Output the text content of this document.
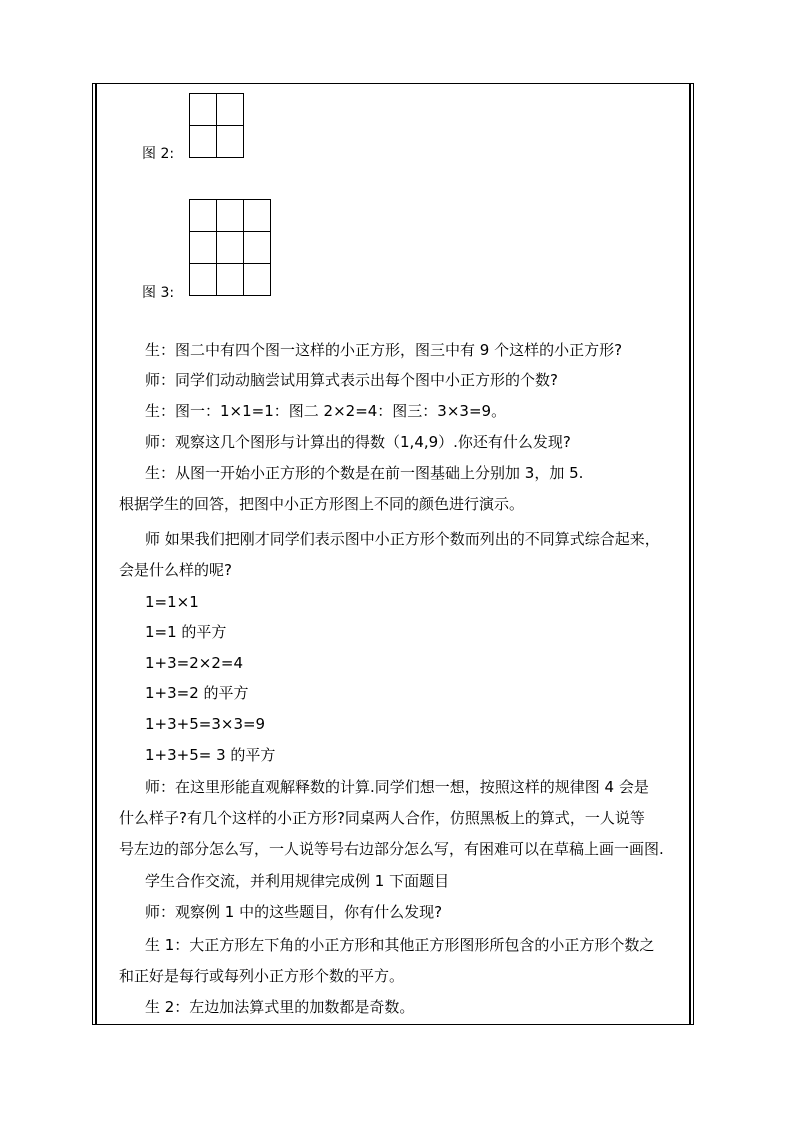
图 2:
图 3:
生：图二中有四个图一这样的小正方形，图三中有 9 个这样的小正方形?
师：同学们动动脑尝试用算式表示出每个图中小正方形的个数?
生：图一：1×1=1：图二 2×2=4：图三：3×3=9。
师：观察这几个图形与计算出的得数（1,4,9）.你还有什么发现?
生：从图一开始小正方形的个数是在前一图基础上分别加 3，加 5.
根据学生的回答，把图中小正方形图上不同的颜色进行演示。
师 如果我们把刚才同学们表示图中小正方形个数而列出的不同算式综合起来，
会是什么样的呢?
1=1×1
1=1 的平方
1+3=2×2=4
1+3=2 的平方
1+3+5=3×3=9
1+3+5= 3 的平方
师：在这里形能直观解释数的计算.同学们想一想，按照这样的规律图 4 会是
什么样子?有几个这样的小正方形?同桌两人合作，仿照黑板上的算式，一人说等
号左边的部分怎么写，一人说等号右边部分怎么写，有困难可以在草稿上画一画图.
学生合作交流，并利用规律完成例 1 下面题目
师：观察例 1 中的这些题目，你有什么发现?
生 1：大正方形左下角的小正方形和其他正方形图形所包含的小正方形个数之
和正好是每行或每列小正方形个数的平方。
生 2：左边加法算式里的加数都是奇数。
